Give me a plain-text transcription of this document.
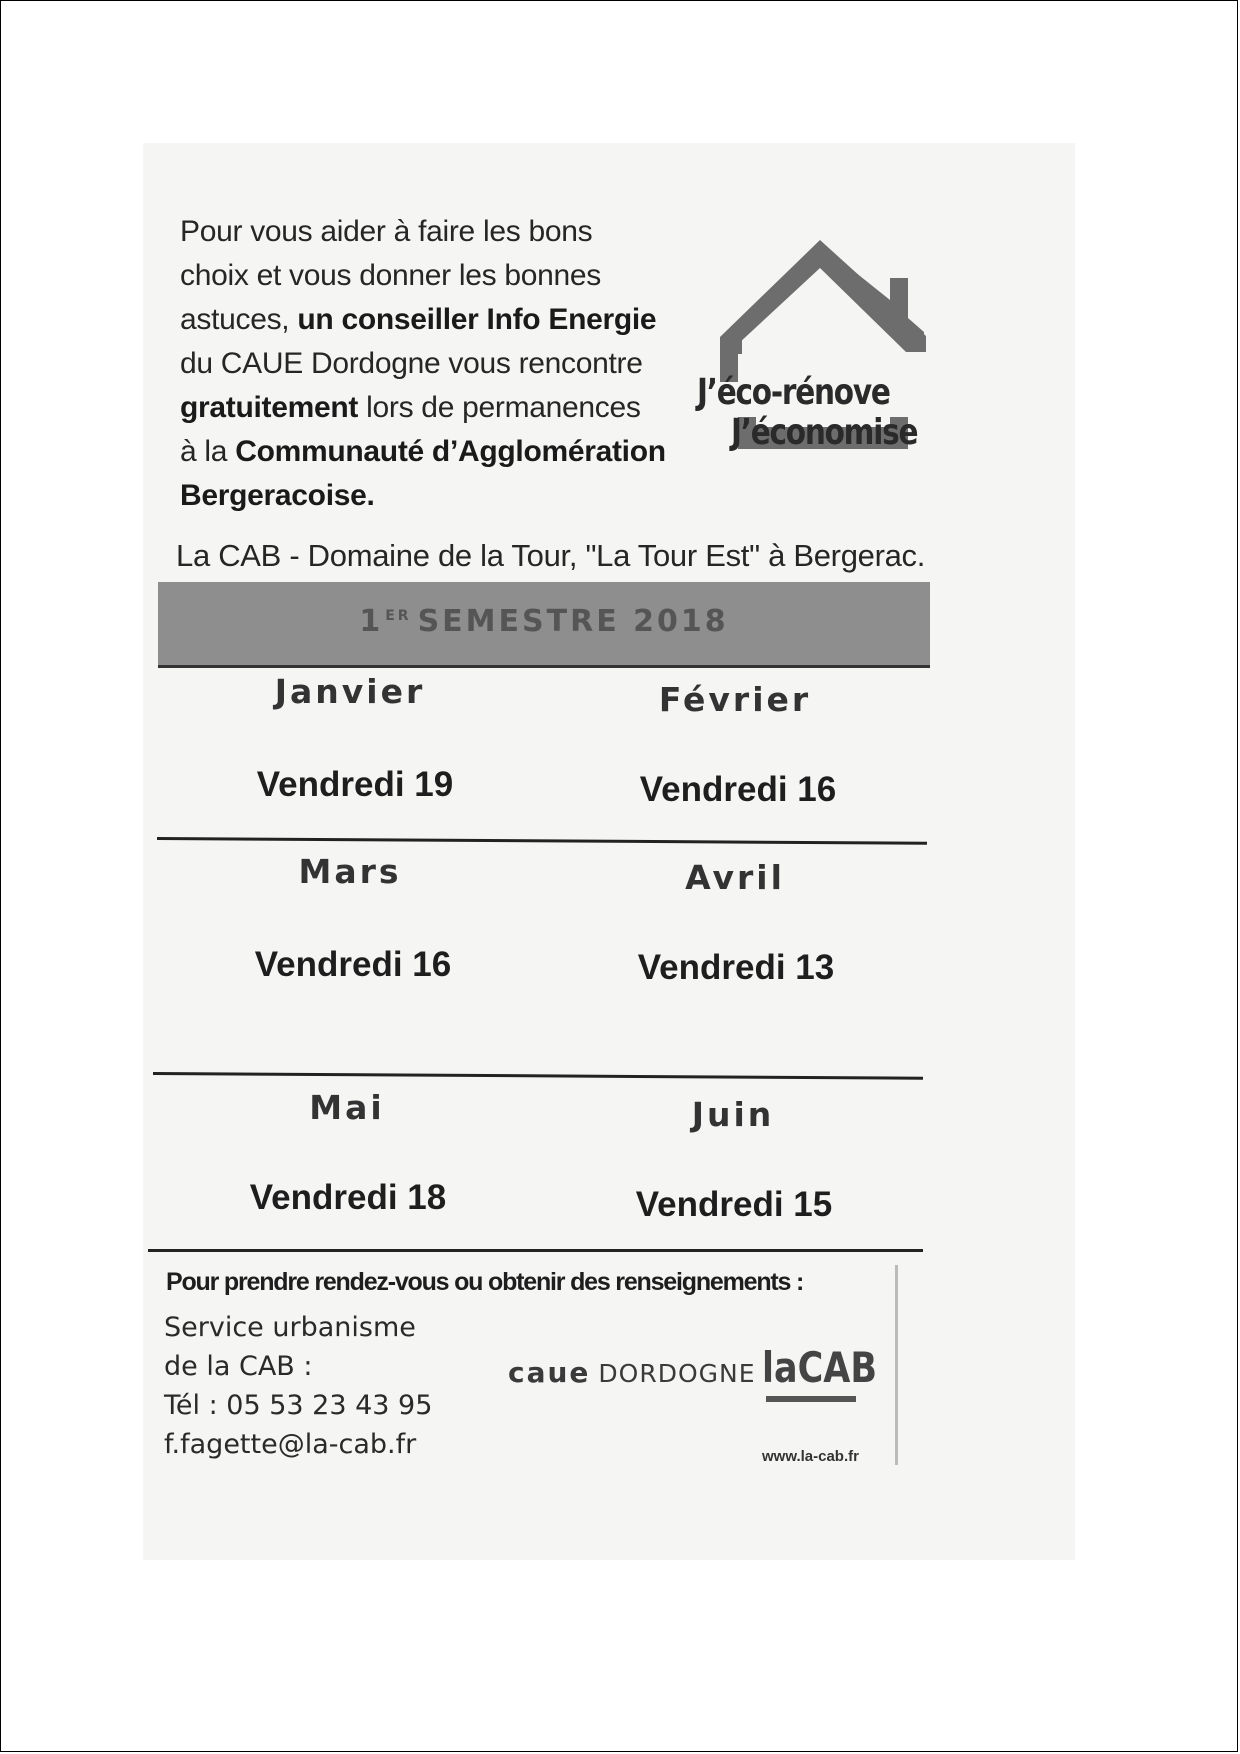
Pour vous aider à faire les bons
choix et vous donner les bonnes
astuces, un conseiller Info Energie
du CAUE Dordogne vous rencontre
gratuitement lors de permanences
à la Communauté d’Agglomération
Bergeracoise.
J’éco-rénove
J’économise
La CAB - Domaine de la Tour, "La Tour Est" à Bergerac.
1 $^{ER}$ SEMESTRE 2018
Janvier	Février
Vendredi 19	Vendredi 16
Mars	Avril
Vendredi 16	Vendredi 13
Mai	Juin
Vendredi 18	Vendredi 15
Pour prendre rendez-vous ou obtenir des renseignements :
Service urbanisme
de la CAB :
Tél : 05 53 23 43 95
f.fagette@la-cab.fr
caue DORDOGNE laCAB
www.la-cab.fr
